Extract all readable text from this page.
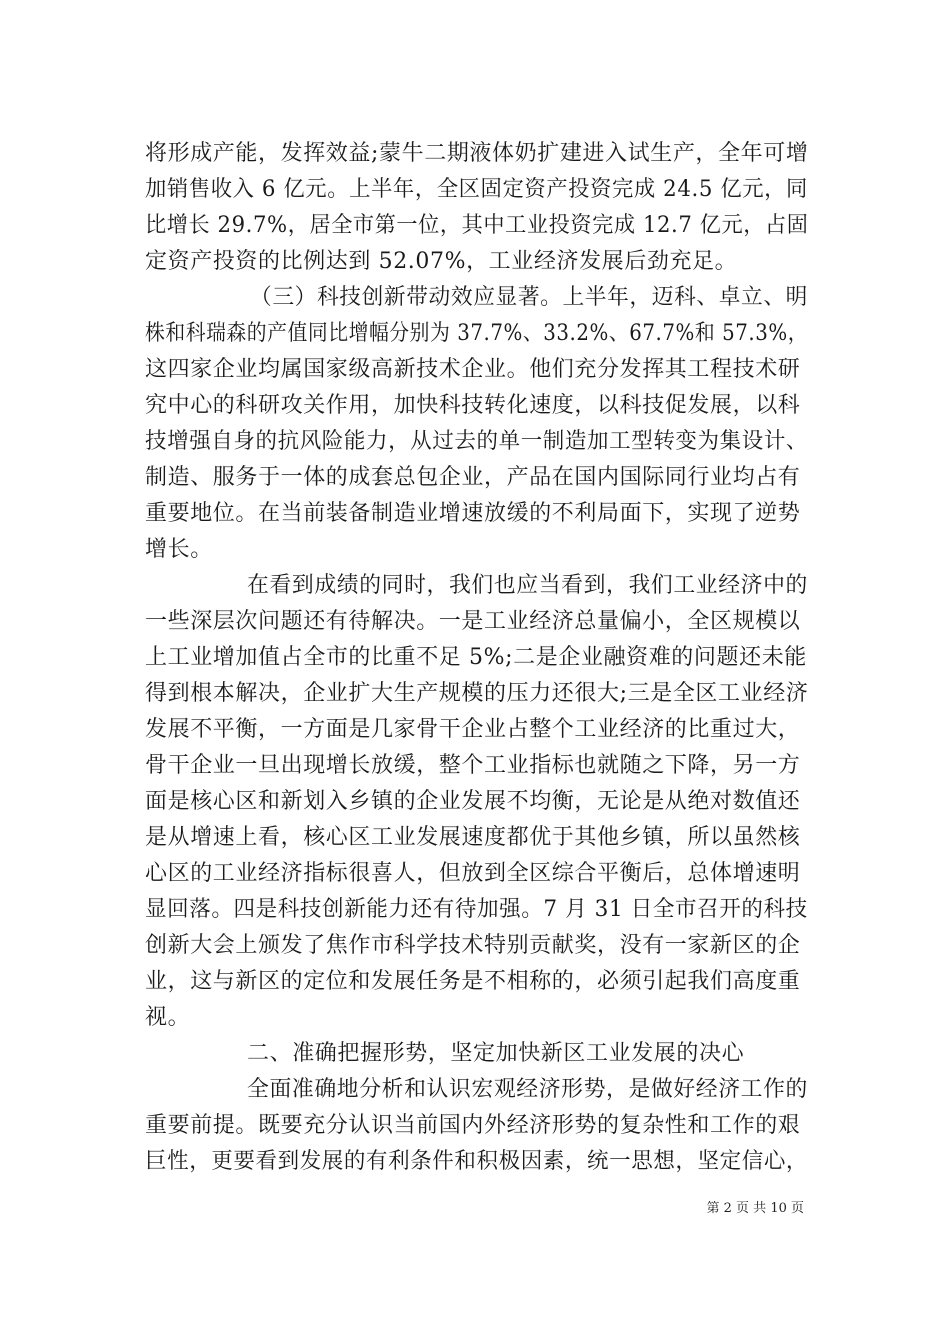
将形成产能，发挥效益;蒙牛二期液体奶扩建进入试生产，全年可增
加销售收入 6 亿元。上半年，全区固定资产投资完成 24.5 亿元，同
比增长 29.7%，居全市第一位，其中工业投资完成 12.7 亿元，占固
定资产投资的比例达到 52.07%，工业经济发展后劲充足。
（三）科技创新带动效应显著。上半年，迈科、卓立、明
株和科瑞森的产值同比增幅分别为 37.7%、33.2%、67.7%和 57.3%，
这四家企业均属国家级高新技术企业。他们充分发挥其工程技术研
究中心的科研攻关作用，加快科技转化速度，以科技促发展，以科
技增强自身的抗风险能力，从过去的单一制造加工型转变为集设计、
制造、服务于一体的成套总包企业，产品在国内国际同行业均占有
重要地位。在当前装备制造业增速放缓的不利局面下，实现了逆势
增长。
在看到成绩的同时，我们也应当看到，我们工业经济中的
一些深层次问题还有待解决。一是工业经济总量偏小，全区规模以
上工业增加值占全市的比重不足 5%;二是企业融资难的问题还未能
得到根本解决，企业扩大生产规模的压力还很大;三是全区工业经济
发展不平衡，一方面是几家骨干企业占整个工业经济的比重过大，
骨干企业一旦出现增长放缓，整个工业指标也就随之下降，另一方
面是核心区和新划入乡镇的企业发展不均衡，无论是从绝对数值还
是从增速上看，核心区工业发展速度都优于其他乡镇，所以虽然核
心区的工业经济指标很喜人，但放到全区综合平衡后，总体增速明
显回落。四是科技创新能力还有待加强。7 月 31 日全市召开的科技
创新大会上颁发了焦作市科学技术特别贡献奖，没有一家新区的企
业，这与新区的定位和发展任务是不相称的，必须引起我们高度重
视。
二、准确把握形势，坚定加快新区工业发展的决心
全面准确地分析和认识宏观经济形势，是做好经济工作的
重要前提。既要充分认识当前国内外经济形势的复杂性和工作的艰
巨性，更要看到发展的有利条件和积极因素，统一思想，坚定信心，
第 2 页 共 10 页
